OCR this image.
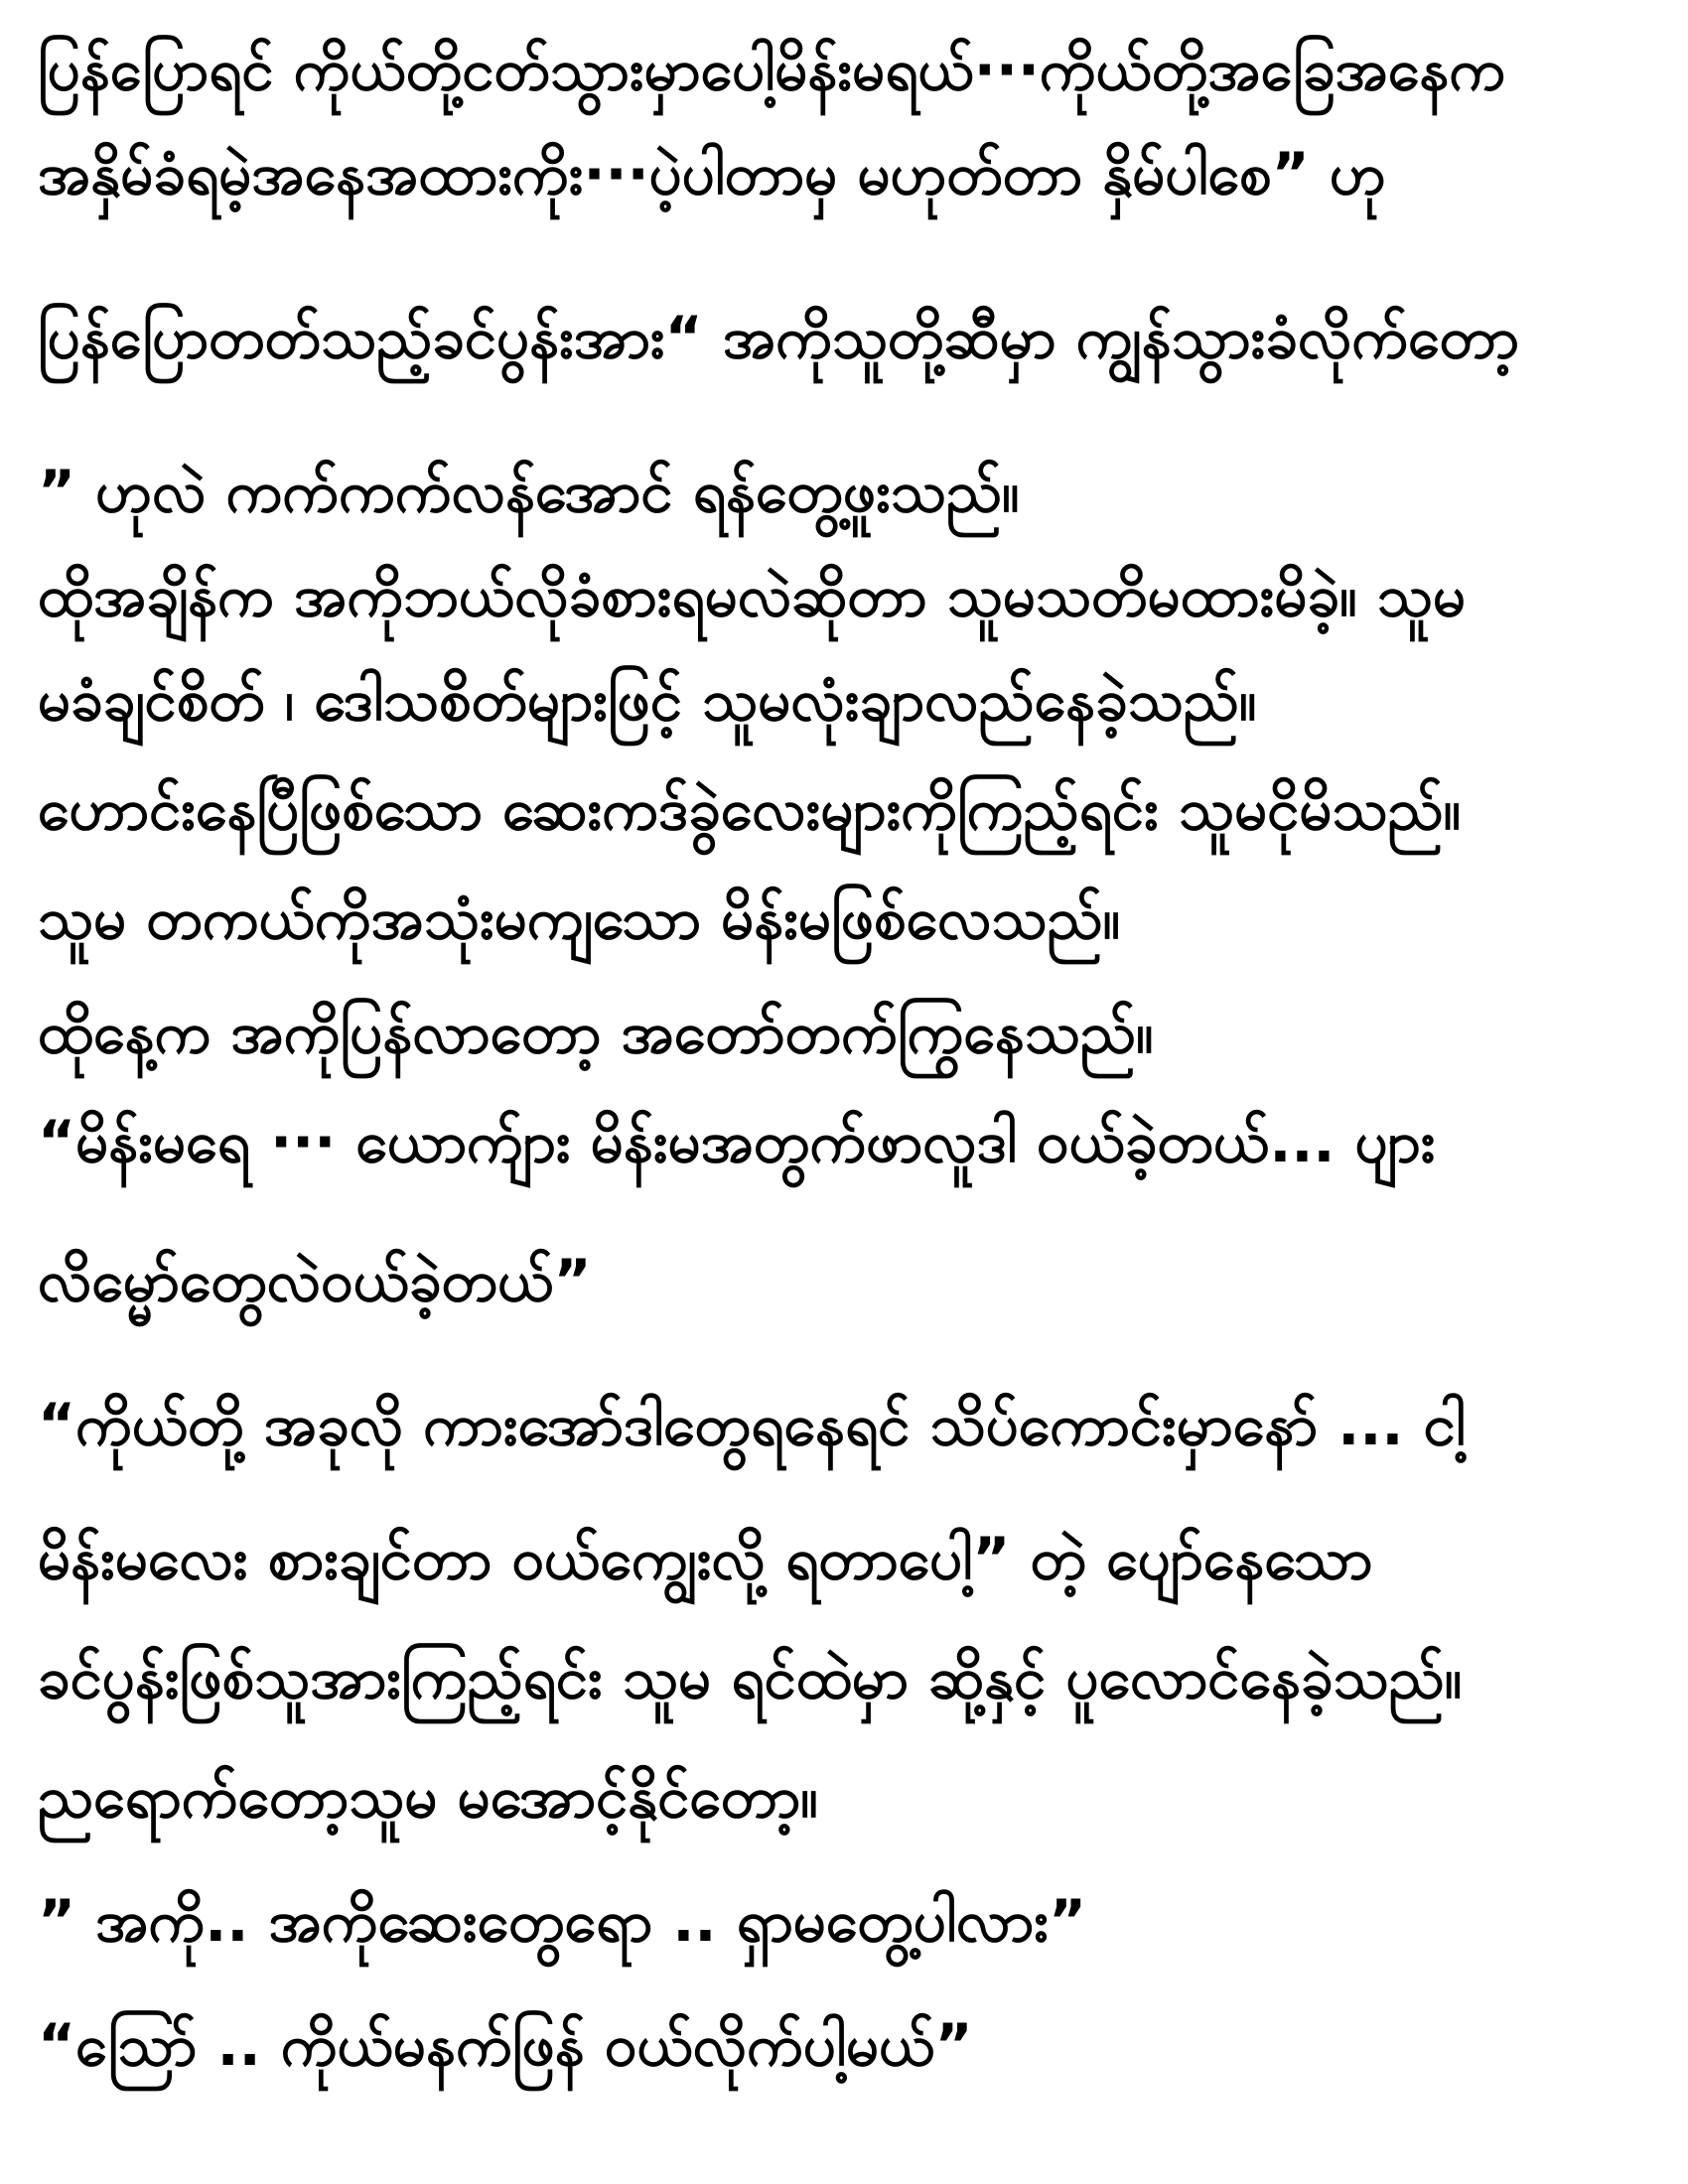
ပြန်ပြောရင် ကိုယ်တို့ငတ်သွားမှာပေါ့မိန်းမရယ်···ကိုယ်တို့အခြေအနေက
အနှိမ်ခံရမဲ့အနေအထားကိုး···ပဲ့ပါတာမှ မဟုတ်တာ နှိမ်ပါစေ” ဟု
ပြန်ပြောတတ်သည့်ခင်ပွန်းအား“ အကိုသူတို့ဆီမှာ ကျွန်သွားခံလိုက်တော့
” ဟုလဲ ကက်ကက်လန်အောင် ရန်တွေ့ဖူးသည်။
ထိုအချိန်က အကိုဘယ်လိုခံစားရမလဲဆိုတာ သူမသတိမထားမိခဲ့။ သူမ
မခံချင်စိတ် ၊ ဒေါသစိတ်များဖြင့် သူမလုံးချာလည်နေခဲ့သည်။
ဟောင်းနေပြီဖြစ်သော ဆေးကဒ်ခွဲလေးများကိုကြည့်ရင်း သူမငိုမိသည်။
သူမ တကယ်ကိုအသုံးမကျသော မိန်းမဖြစ်လေသည်။
ထိုနေ့က အကိုပြန်လာတော့ အတော်တက်ကြွနေသည်။
“မိန်းမရေ ··· ယောက်ျား မိန်းမအတွက်ဖာလူဒါ ဝယ်ခဲ့တယ်... ပျား
လိမ္မော်တွေလဲဝယ်ခဲ့တယ်”
“ကိုယ်တို့ အခုလို ကားအော်ဒါတွေရနေရင် သိပ်ကောင်းမှာနော် ... ငါ့
မိန်းမလေး စားချင်တာ ဝယ်ကျွေးလို့ ရတာပေါ့” တဲ့ ပျော်နေသော
ခင်ပွန်းဖြစ်သူအားကြည့်ရင်း သူမ ရင်ထဲမှာ ဆို့နှင့် ပူလောင်နေခဲ့သည်။
ညရောက်တော့သူမ မအောင့်နိုင်တော့။
” အကို.. အကိုဆေးတွေရော .. ရှာမတွေ့ပါလား”
“ဩော် .. ကိုယ်မနက်ဖြန် ဝယ်လိုက်ပါ့မယ်”
